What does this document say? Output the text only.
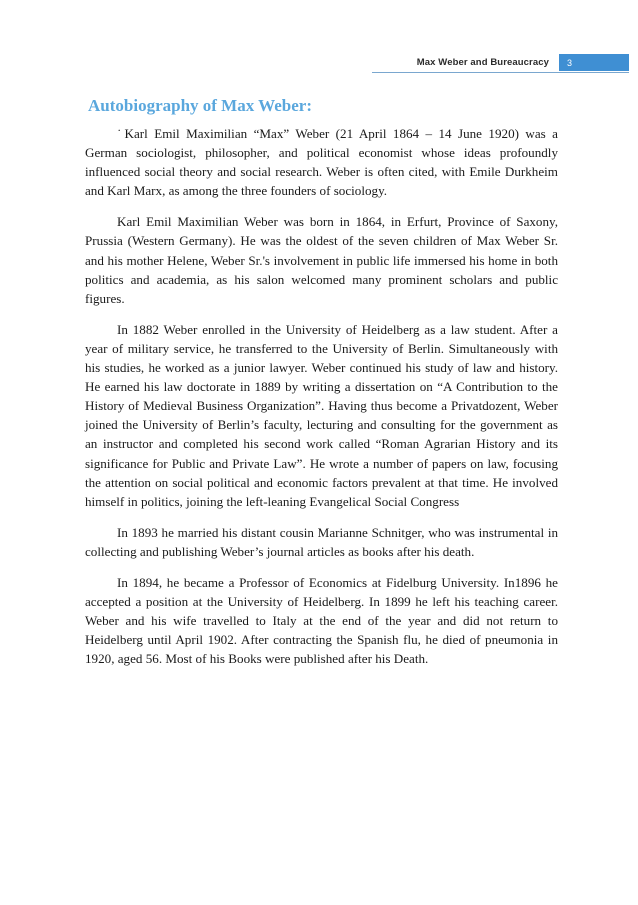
Max Weber and Bureaucracy	3
Autobiography of Max Weber:

˙Karl Emil Maximilian “Max” Weber (21 April 1864 – 14 June 1920) was a German sociologist, philosopher, and political economist whose ideas profoundly influenced social theory and social research. Weber is often cited, with Emile Durkheim and Karl Marx, as among the three founders of sociology.

Karl Emil Maximilian Weber was born in 1864, in Erfurt, Province of Saxony, Prussia (Western Germany). He was the oldest of the seven children of Max Weber Sr. and his mother Helene, Weber Sr.'s involvement in public life immersed his home in both politics and academia, as his salon welcomed many prominent scholars and public figures.

In 1882 Weber enrolled in the University of Heidelberg as a law student. After a year of military service, he transferred to the University of Berlin. Simultaneously with his studies, he worked as a junior lawyer. Weber continued his study of law and history. He earned his law doctorate in 1889 by writing a dissertation on “A Contribution to the History of Medieval Business Organization”. Having thus become a Privatdozent, Weber joined the University of Berlin’s faculty, lecturing and consulting for the government as an instructor and completed his second work called “Roman Agrarian History and its significance for Public and Private Law”. He wrote a number of papers on law, focusing the attention on social political and economic factors prevalent at that time. He involved himself in politics, joining the left-leaning Evangelical Social Congress

In 1893 he married his distant cousin Marianne Schnitger, who was instrumental in collecting and publishing Weber’s journal articles as books after his death.

In 1894, he became a Professor of Economics at Fidelburg University. In1896 he accepted a position at the University of Heidelberg. In 1899 he left his teaching career. Weber and his wife travelled to Italy at the end of the year and did not return to Heidelberg until April 1902. After contracting the Spanish flu, he died of pneumonia in 1920, aged 56. Most of his Books were published after his Death.
